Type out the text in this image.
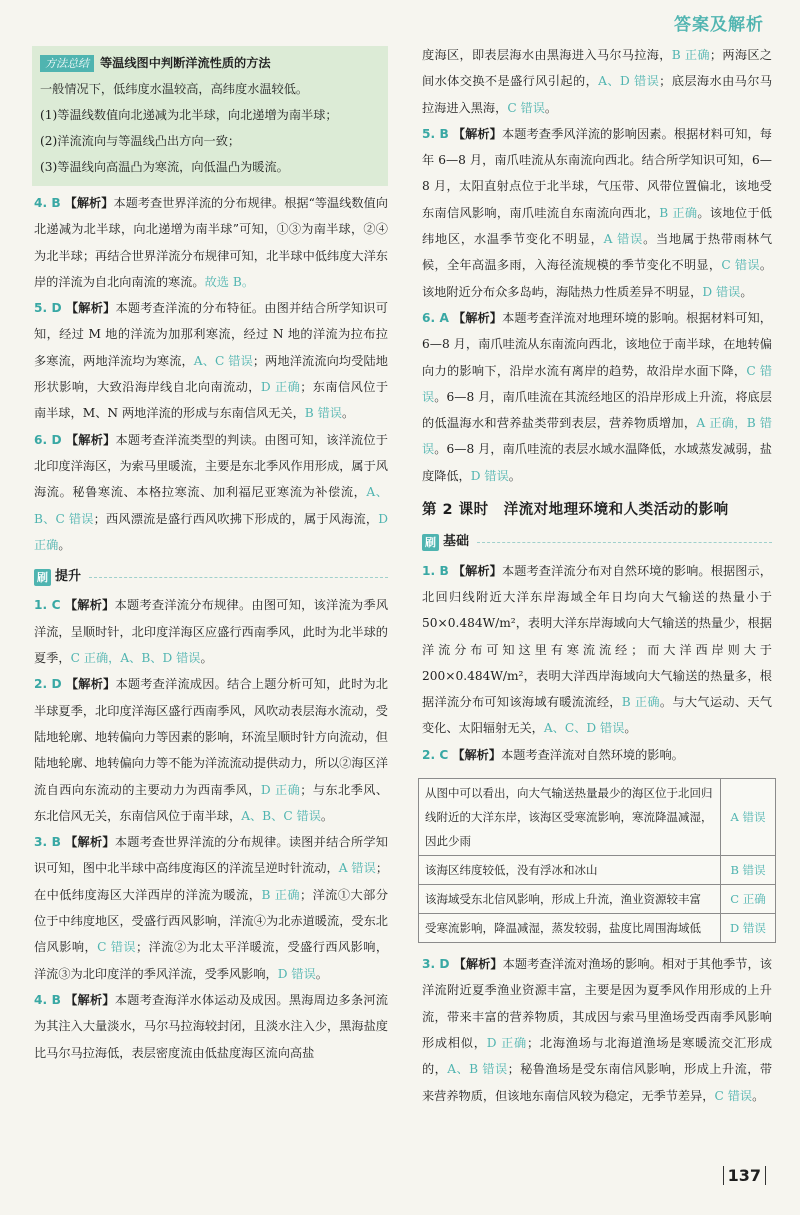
答案及解析
方法总结 等温线图中判断洋流性质的方法
一般情况下，低纬度水温较高，高纬度水温较低。
(1)等温线数值向北递减为北半球，向北递增为南半球；
(2)洋流流向与等温线凸出方向一致；
(3)等温线向高温凸为寒流，向低温凸为暖流。

4. B 【解析】本题考查世界洋流的分布规律。根据“等温线数值向北递减为北半球，向北递增为南半球”可知，①③为南半球，②④为北半球；再结合世界洋流分布规律可知，北半球中低纬度大洋东岸的洋流为自北向南流的寒流。故选 B。

5. D 【解析】本题考查洋流的分布特征。由图并结合所学知识可知，经过 M 地的洋流为加那利寒流，经过 N 地的洋流为拉布拉多寒流，两地洋流均为寒流，A、C 错误；两地洋流流向均受陆地形状影响，大致沿海岸线自北向南流动，D 正确；东南信风位于南半球，M、N 两地洋流的形成与东南信风无关，B 错误。

6. D 【解析】本题考查洋流类型的判读。由图可知，该洋流位于北印度洋海区，为索马里暖流，主要是东北季风作用形成，属于风海流。秘鲁寒流、本格拉寒流、加利福尼亚寒流为补偿流，A、B、C 错误；西风漂流是盛行西风吹拂下形成的，属于风海流，D 正确。

刷 提升

1. C 【解析】本题考查洋流分布规律。由图可知，该洋流为季风洋流，呈顺时针，北印度洋海区应盛行西南季风，此时为北半球的夏季，C 正确，A、B、D 错误。

2. D 【解析】本题考查洋流成因。结合上题分析可知，此时为北半球夏季，北印度洋海区盛行西南季风，风吹动表层海水流动，受陆地轮廓、地转偏向力等因素的影响，环流呈顺时针方向流动，但陆地轮廓、地转偏向力等不能为洋流流动提供动力，所以②海区洋流自西向东流动的主要动力为西南季风，D 正确；与东北季风、东北信风无关，东南信风位于南半球，A、B、C 错误。

3. B 【解析】本题考查世界洋流的分布规律。读图并结合所学知识可知，图中北半球中高纬度海区的洋流呈逆时针流动，A 错误；在中低纬度海区大洋西岸的洋流为暖流，B 正确；洋流①大部分位于中纬度地区，受盛行西风影响，洋流④为北赤道暖流，受东北信风影响，C 错误；洋流②为北太平洋暖流，受盛行西风影响，洋流③为北印度洋的季风洋流，受季风影响，D 错误。

4. B 【解析】本题考查海洋水体运动及成因。黑海周边多条河流为其注入大量淡水，马尔马拉海较封闭，且淡水注入少，黑海盐度比马尔马拉海低，表层密度流由低盐度海区流向高盐

度海区，即表层海水由黑海进入马尔马拉海，B 正确；两海区之间水体交换不是盛行风引起的，A、D 错误；底层海水由马尔马拉海进入黑海，C 错误。

5. B 【解析】本题考查季风洋流的影响因素。根据材料可知，每年 6—8 月，南爪哇流从东南流向西北。结合所学知识可知，6—8 月，太阳直射点位于北半球，气压带、风带位置偏北，该地受东南信风影响，南爪哇流自东南流向西北，B 正确。该地位于低纬地区，水温季节变化不明显，A 错误。当地属于热带雨林气候，全年高温多雨，入海径流规模的季节变化不明显，C 错误。该地附近分布众多岛屿，海陆热力性质差异不明显，D 错误。

6. A 【解析】本题考查洋流对地理环境的影响。根据材料可知，6—8 月，南爪哇流从东南流向西北，该地位于南半球，在地转偏向力的影响下，沿岸水流有离岸的趋势，故沿岸水面下降，C 错误。6—8 月，南爪哇流在其流经地区的沿岸形成上升流，将底层的低温海水和营养盐类带到表层，营养物质增加，A 正确，B 错误。6—8 月，南爪哇流的表层水域水温降低，水域蒸发减弱，盐度降低，D 错误。

第 2 课时　洋流对地理环境和人类活动的影响
刷 基础

1. B 【解析】本题考查洋流分布对自然环境的影响。根据图示，北回归线附近大洋东岸海域全年日均向大气输送的热量小于 50×0.484W/m²，表明大洋东岸海域向大气输送的热量少，根据洋流分布可知这里有寒流流经；而大洋西岸则大于 200×0.484W/m²，表明大洋西岸海域向大气输送的热量多，根据洋流分布可知该海域有暖流流经，B 正确。与大气运动、天气变化、太阳辐射无关，A、C、D 错误。

2. C 【解析】本题考查洋流对自然环境的影响。

从图中可以看出，向大气输送热量最少的海区位于北回归线附近的大洋东岸，该海区受寒流影响，寒流降温减湿，因此少雨	A 错误
该海区纬度较低，没有浮冰和冰山	B 错误
该海域受东北信风影响，形成上升流，渔业资源较丰富	C 正确
受寒流影响，降温减湿，蒸发较弱，盐度比周围海域低	D 错误

3. D 【解析】本题考查洋流对渔场的影响。相对于其他季节，该洋流附近夏季渔业资源丰富，主要是因为夏季风作用形成的上升流，带来丰富的营养物质，其成因与索马里渔场受西南季风影响形成相似，D 正确；北海渔场与北海道渔场是寒暖流交汇形成的，A、B 错误；秘鲁渔场是受东南信风影响，形成上升流，带来营养物质，但该地东南信风较为稳定，无季节差异，C 错误。

137
